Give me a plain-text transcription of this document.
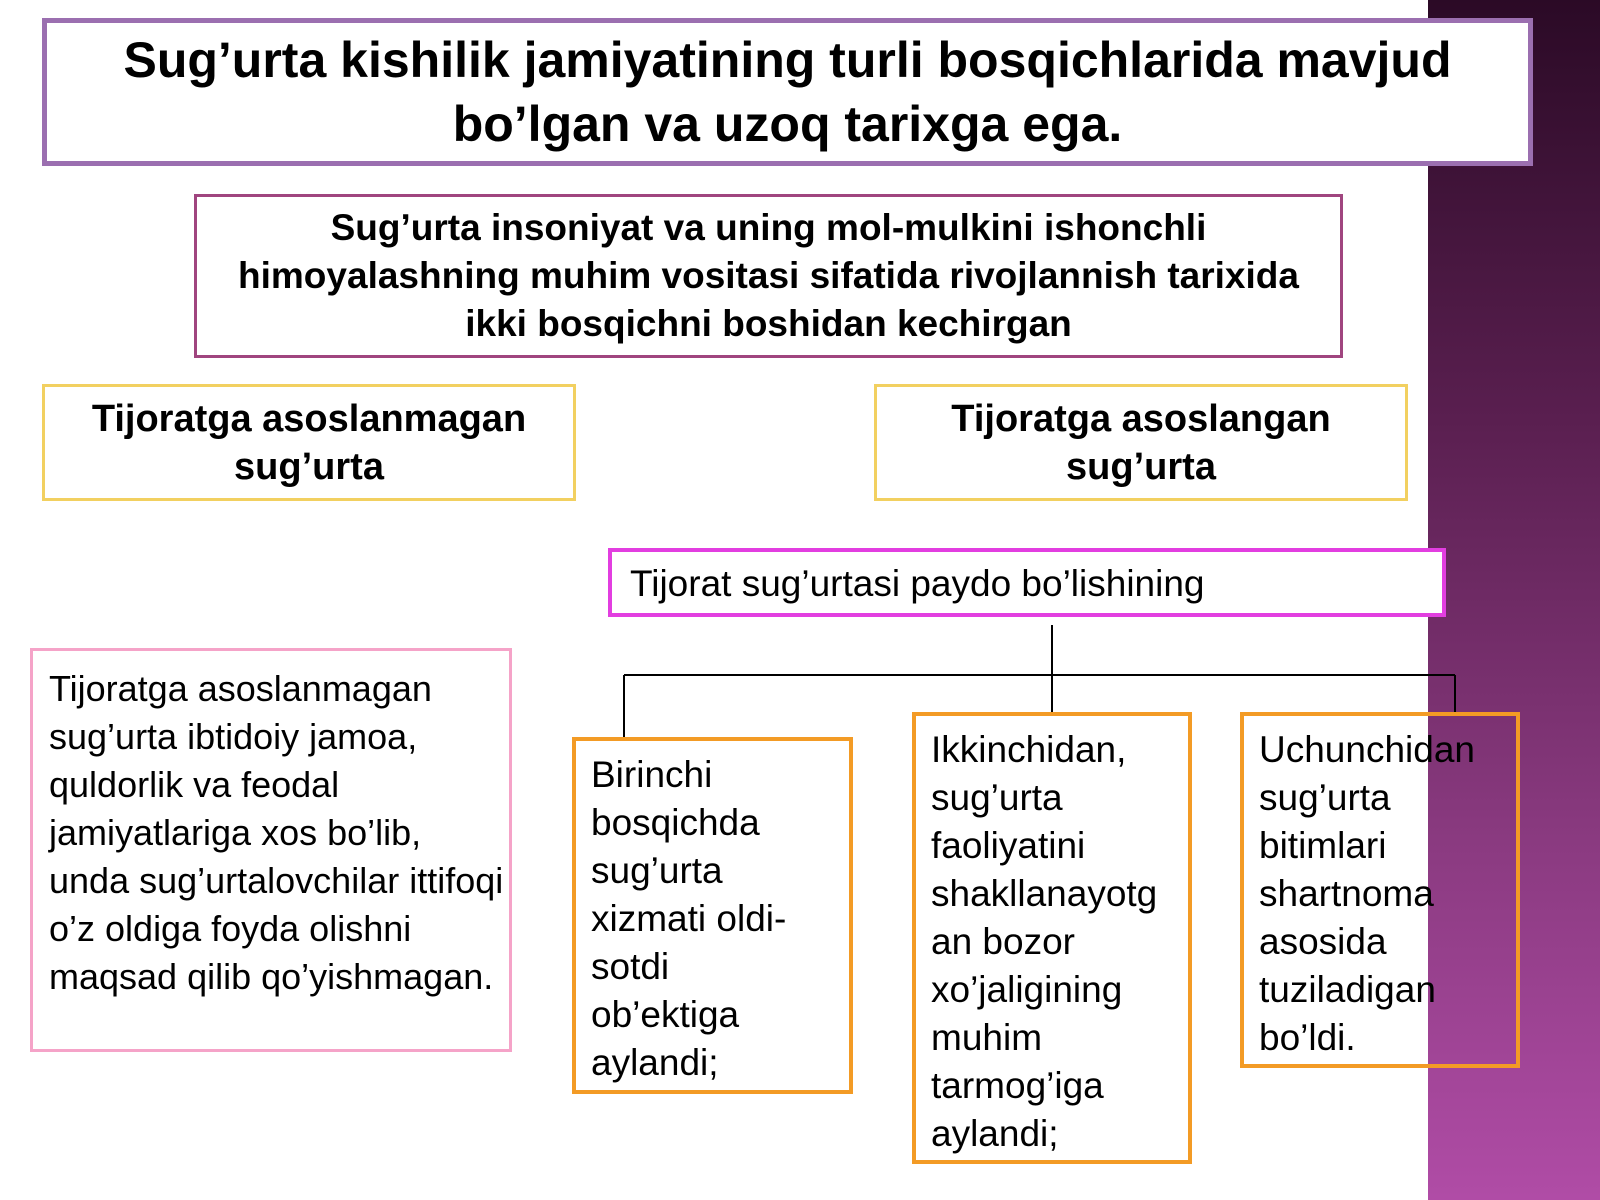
Sug’urta kishilik jamiyatining turli bosqichlarida mavjud bo’lgan va uzoq tarixga ega.
Sug’urta insoniyat va uning mol-mulkini ishonchli himoyalashning muhim vositasi sifatida rivojlannish tarixida ikki bosqichni boshidan kechirgan
Tijoratga asoslanmagan sug’urta
Tijoratga asoslangan sug’urta
Tijorat sug’urtasi paydo bo’lishining
Tijoratga asoslanmagan sug’urta ibtidoiy jamoa, quldorlik va feodal jamiyatlariga xos bo’lib, unda sug’urtalovchilar ittifoqi o’z oldiga foyda olishni maqsad qilib qo’yishmagan.
Birinchi
bosqichda
sug’urta
xizmati oldi-
sotdi
ob’ektiga
aylandi;
Ikkinchidan,
sug’urta
faoliyatini
shakllanayotg
an bozor
xo’jaligining
muhim
tarmog’iga
aylandi;
Uchunchidan
sug’urta
bitimlari
shartnoma
asosida
tuziladigan
bo’ldi.
